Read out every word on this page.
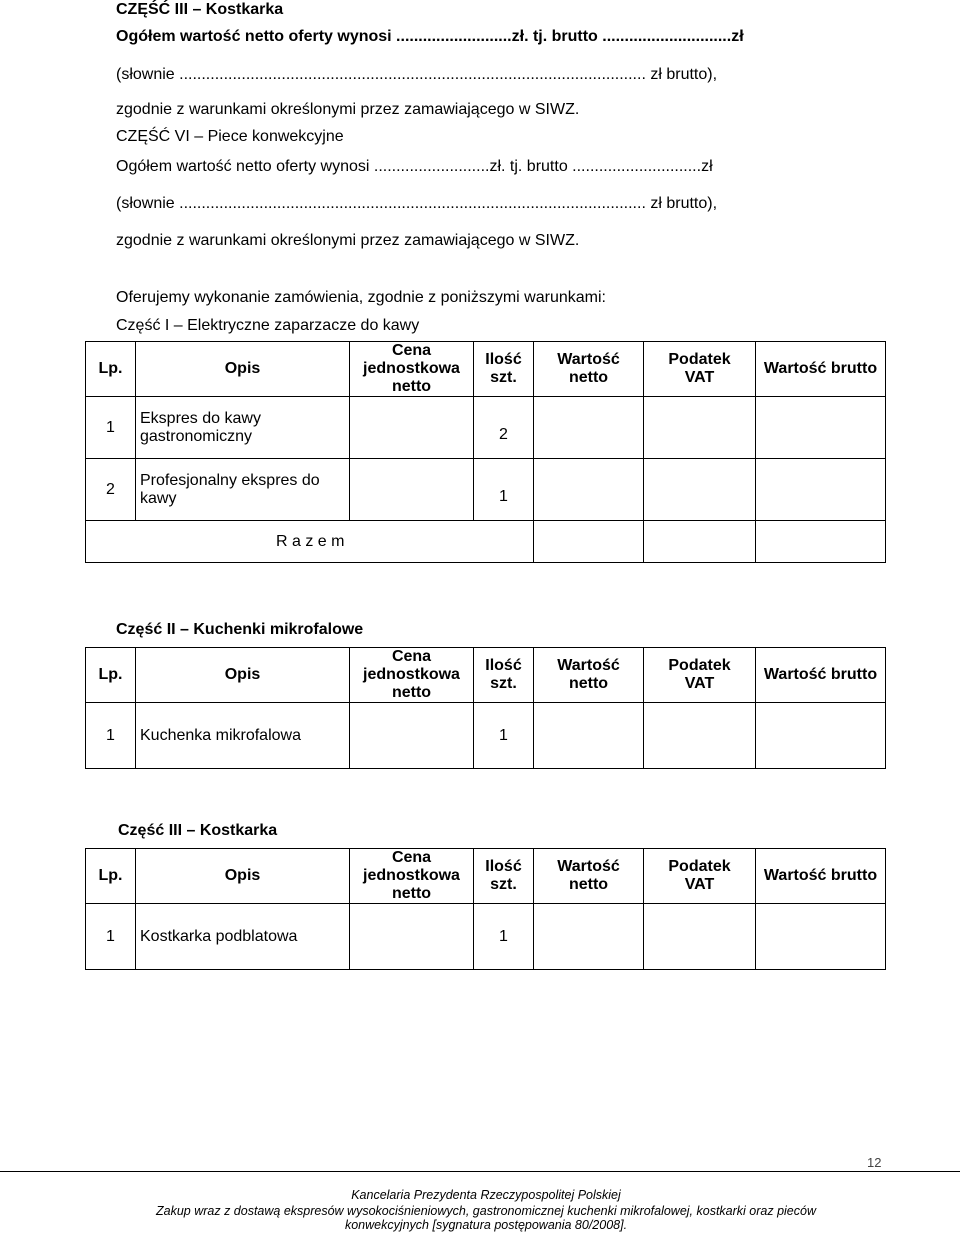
CZĘŚĆ III – Kostkarka
Ogółem wartość netto oferty wynosi ..........................zł. tj. brutto .............................zł
(słownie ......................................................................................................... zł brutto),
zgodnie z warunkami określonymi przez zamawiającego w SIWZ.
CZĘŚĆ VI – Piece konwekcyjne
Ogółem wartość netto oferty wynosi ..........................zł. tj. brutto .............................zł
(słownie ......................................................................................................... zł brutto),
zgodnie z warunkami określonymi przez zamawiającego w SIWZ.
Oferujemy wykonanie zamówienia, zgodnie z poniższymi warunkami:
Część I – Elektryczne zaparzacze do kawy
Lp.	Opis	Cena
jednostkowa
netto	Ilość
szt.	Wartość
netto	Podatek
VAT	Wartość brutto
1	Ekspres do kawy
gastronomiczny		2			
2	Profesjonalny ekspres do
kawy		1			
R a z e m						
Część II – Kuchenki mikrofalowe
Lp.	Opis	Cena
jednostkowa
netto	Ilość
szt.	Wartość netto	Podatek
VAT	Wartość brutto
1	Kuchenka mikrofalowa		1			
Część III – Kostkarka
Lp.	Opis	Cena
jednostkowa
netto	Ilość
szt.	Wartość netto	Podatek
VAT	Wartość brutto
1	Kostkarka podblatowa		1			
12
Kancelaria Prezydenta Rzeczypospolitej Polskiej
Zakup wraz z dostawą ekspresów wysokociśnieniowych, gastronomicznej kuchenki mikrofalowej, kostkarki oraz pieców
konwekcyjnych [sygnatura postępowania 80/2008].
